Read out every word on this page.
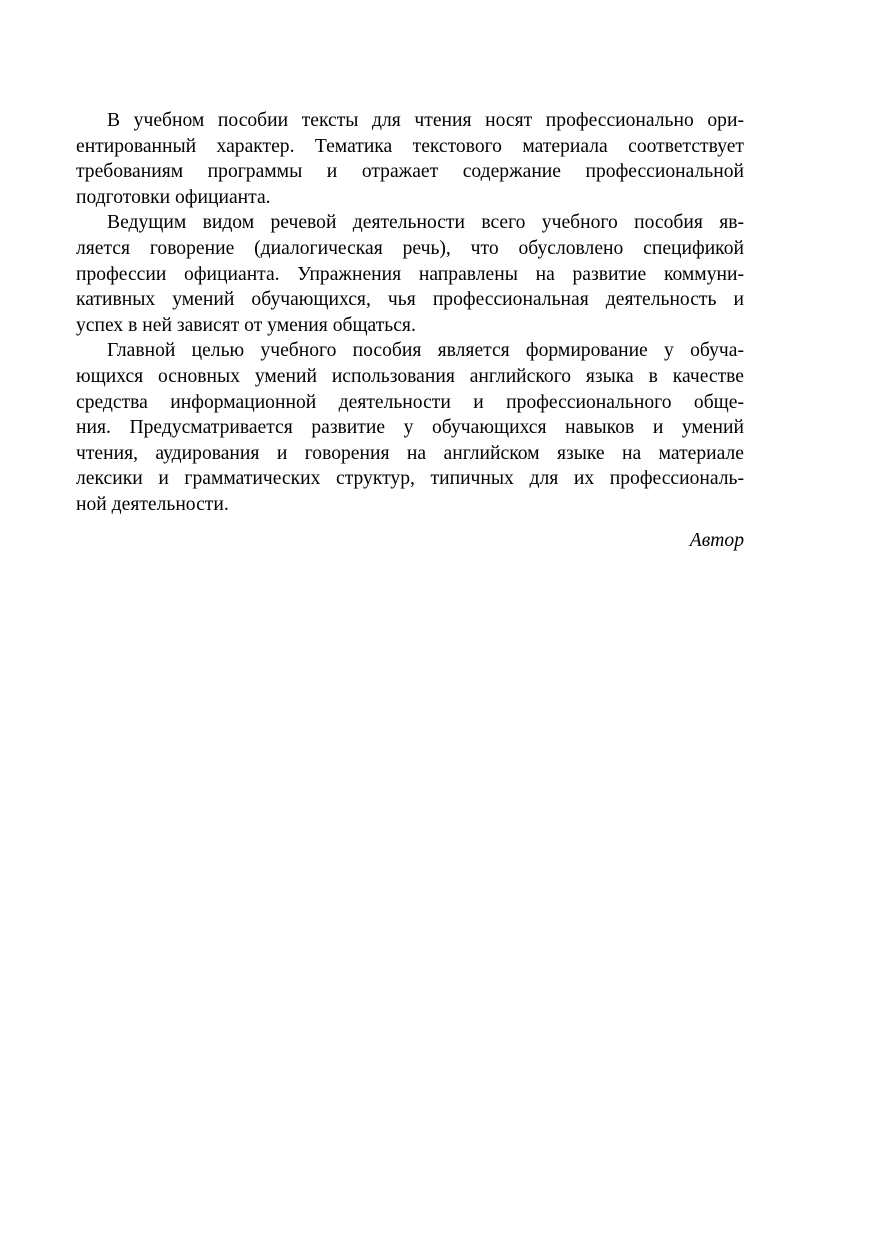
В учебном пособии тексты для чтения носят профессионально ори-
ентированный характер. Тематика текстового материала соответствует
требованиям программы и отражает содержание профессиональной
подготовки официанта.
Ведущим видом речевой деятельности всего учебного пособия яв-
ляется говорение (диалогическая речь), что обусловлено спецификой
профессии официанта. Упражнения направлены на развитие коммуни-
кативных умений обучающихся, чья профессиональная деятельность и
успех в ней зависят от умения общаться.
Главной целью учебного пособия является формирование у обуча-
ющихся основных умений использования английского языка в качестве
средства информационной деятельности и профессионального обще-
ния. Предусматривается развитие у обучающихся навыков и умений
чтения, аудирования и говорения на английском языке на материале
лексики и грамматических структур, типичных для их профессиональ-
ной деятельности.
Автор
